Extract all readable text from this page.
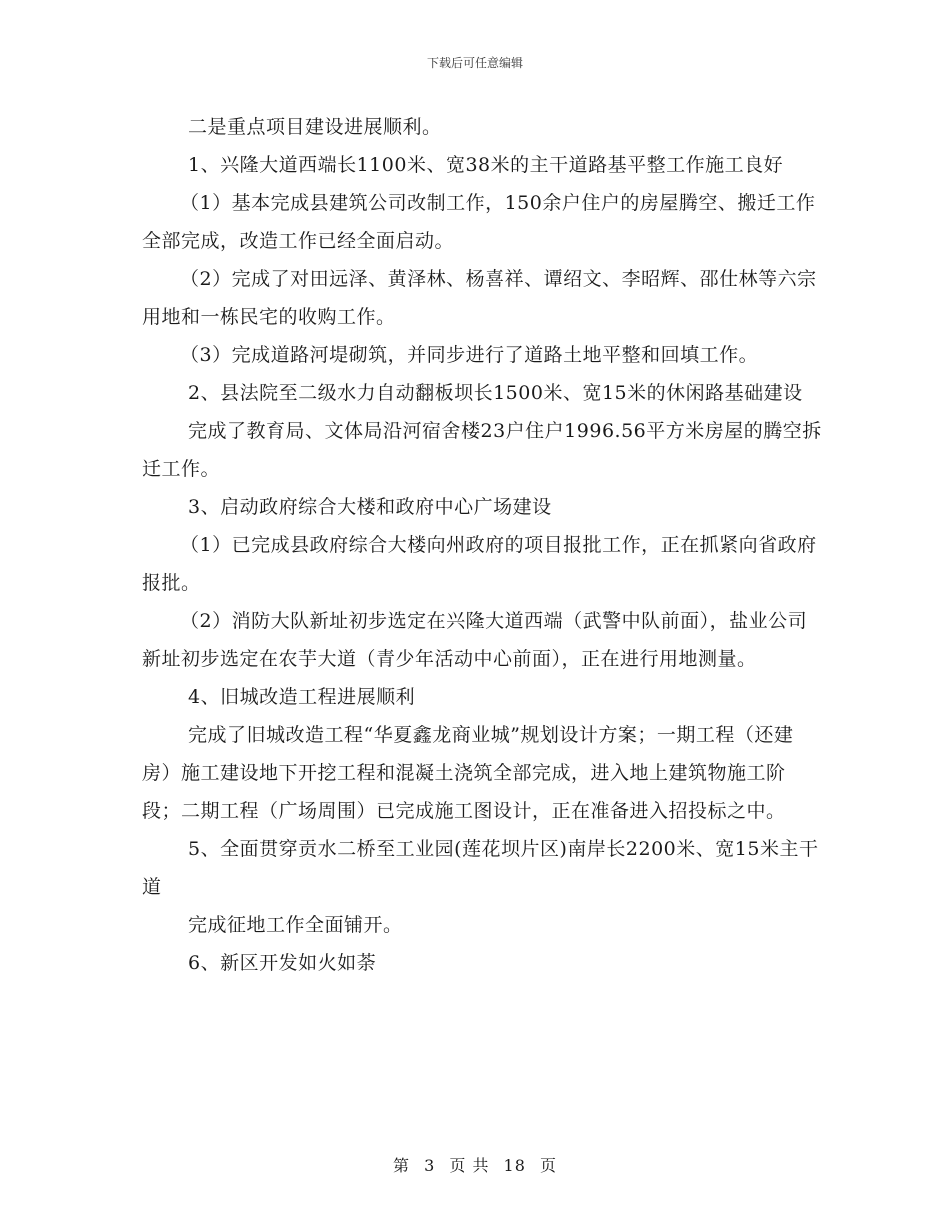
下载后可任意编辑

二是重点项目建设进展顺利。

1、兴隆大道西端长1100米、宽38米的主干道路基平整工作施工良好

（1）基本完成县建筑公司改制工作，150余户住户的房屋腾空、搬迁工作全部完成，改造工作已经全面启动。

（2）完成了对田远泽、黄泽林、杨喜祥、谭绍文、李昭辉、邵仕林等六宗用地和一栋民宅的收购工作。

（3）完成道路河堤砌筑，并同步进行了道路土地平整和回填工作。

2、县法院至二级水力自动翻板坝长1500米、宽15米的休闲路基础建设

完成了教育局、文体局沿河宿舍楼23户住户1996.56平方米房屋的腾空拆迁工作。

3、启动政府综合大楼和政府中心广场建设

（1）已完成县政府综合大楼向州政府的项目报批工作，正在抓紧向省政府报批。

（2）消防大队新址初步选定在兴隆大道西端（武警中队前面），盐业公司新址初步选定在农芋大道（青少年活动中心前面），正在进行用地测量。

4、旧城改造工程进展顺利

完成了旧城改造工程“华夏鑫龙商业城”规划设计方案；一期工程（还建房）施工建设地下开挖工程和混凝土浇筑全部完成，进入地上建筑物施工阶段；二期工程（广场周围）已完成施工图设计，正在准备进入招投标之中。

5、全面贯穿贡水二桥至工业园(莲花坝片区)南岸长2200米、宽15米主干道

完成征地工作全面铺开。

6、新区开发如火如荼

第 3 页 共 18 页
